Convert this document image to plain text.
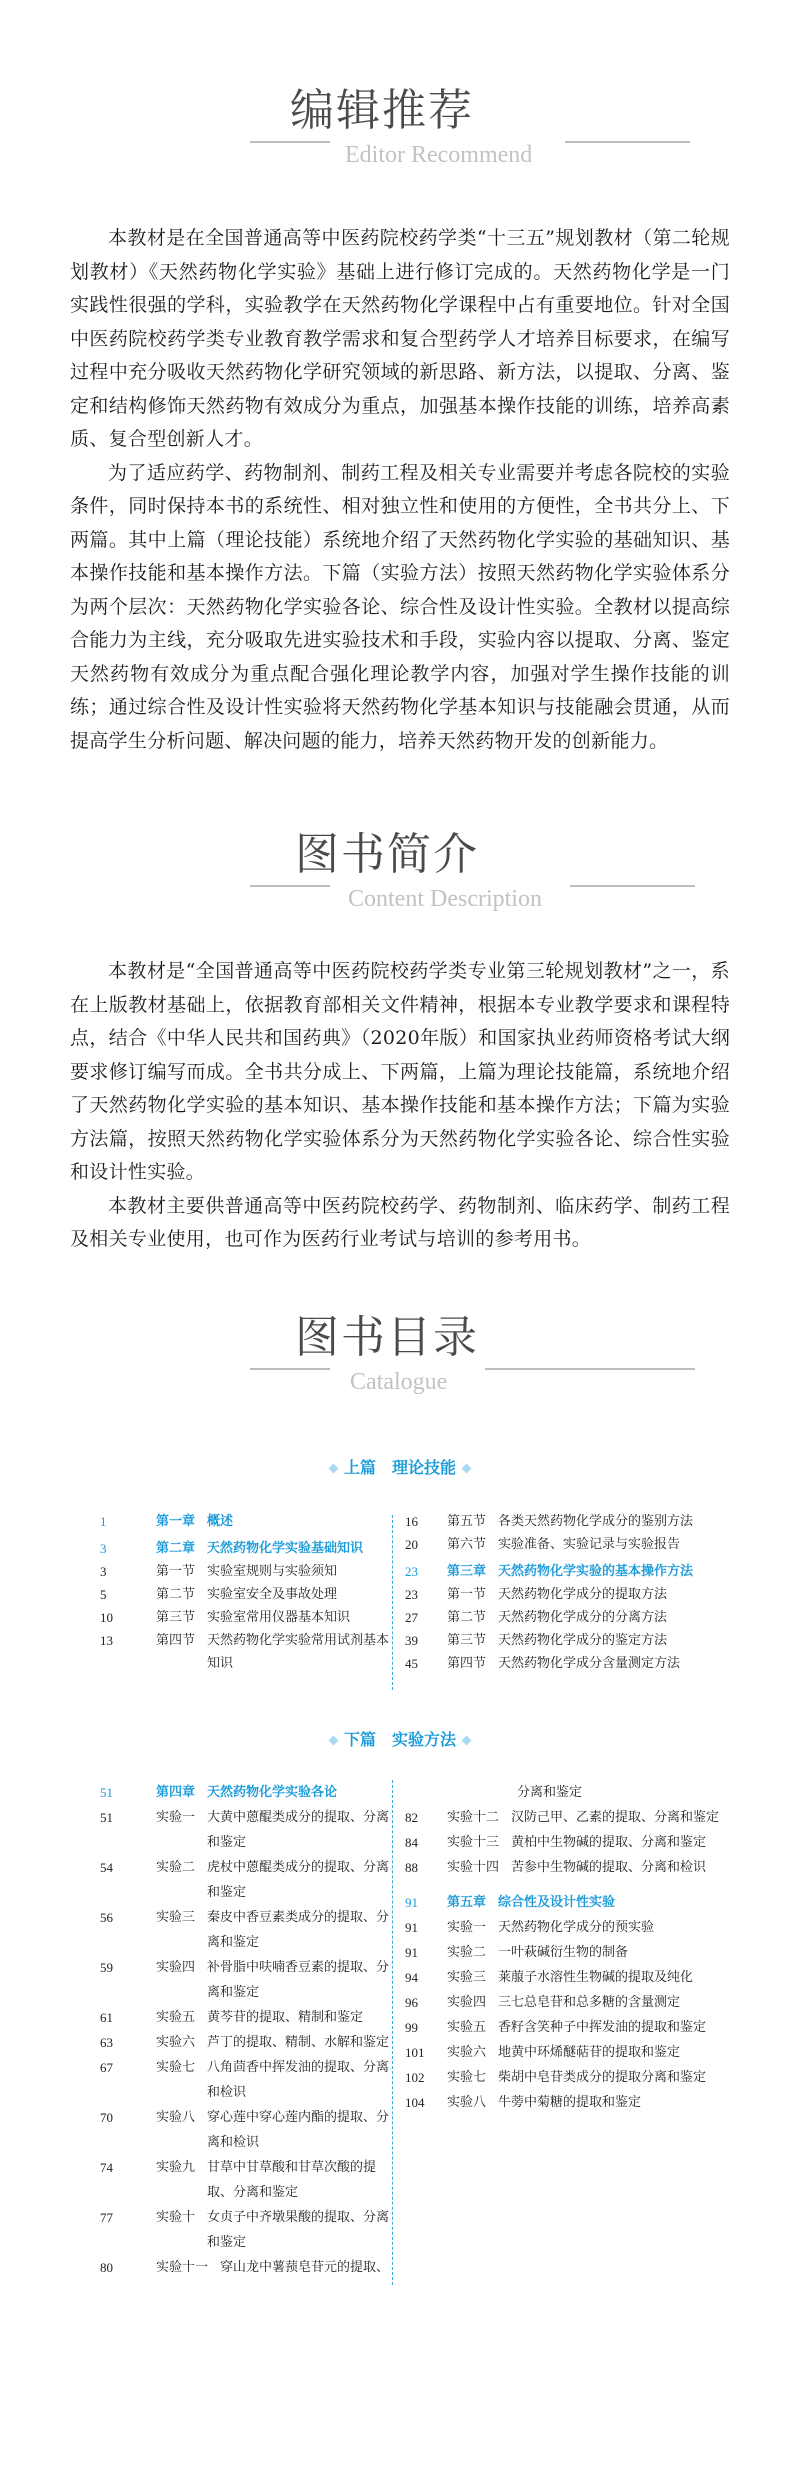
编辑推荐
Editor Recommend

本教材是在全国普通高等中医药院校药学类“十三五”规划教材（第二轮规划教材）《天然药物化学实验》基础上进行修订完成的。天然药物化学是一门实践性很强的学科，实验教学在天然药物化学课程中占有重要地位。针对全国中医药院校药学类专业教育教学需求和复合型药学人才培养目标要求，在编写过程中充分吸收天然药物化学研究领域的新思路、新方法，以提取、分离、鉴定和结构修饰天然药物有效成分为重点，加强基本操作技能的训练，培养高素质、复合型创新人才。

为了适应药学、药物制剂、制药工程及相关专业需要并考虑各院校的实验条件，同时保持本书的系统性、相对独立性和使用的方便性，全书共分上、下两篇。其中上篇（理论技能）系统地介绍了天然药物化学实验的基础知识、基本操作技能和基本操作方法。下篇（实验方法）按照天然药物化学实验体系分为两个层次：天然药物化学实验各论、综合性及设计性实验。全教材以提高综合能力为主线，充分吸取先进实验技术和手段，实验内容以提取、分离、鉴定天然药物有效成分为重点配合强化理论教学内容，加强对学生操作技能的训练；通过综合性及设计性实验将天然药物化学基本知识与技能融会贯通，从而提高学生分析问题、解决问题的能力，培养天然药物开发的创新能力。

图书简介
Content Description

本教材是“全国普通高等中医药院校药学类专业第三轮规划教材”之一，系在上版教材基础上，依据教育部相关文件精神，根据本专业教学要求和课程特点，结合《中华人民共和国药典》（2020年版）和国家执业药师资格考试大纲要求修订编写而成。全书共分成上、下两篇，上篇为理论技能篇，系统地介绍了天然药物化学实验的基本知识、基本操作技能和基本操作方法；下篇为实验方法篇，按照天然药物化学实验体系分为天然药物化学实验各论、综合性实验和设计性实验。

本教材主要供普通高等中医药院校药学、药物制剂、临床药学、制药工程及相关专业使用，也可作为医药行业考试与培训的参考用书。

图书目录
Catalogue
上篇 理论技能
1	第一章 概述
3	第二章 天然药物化学实验基础知识
3	第一节 实验室规则与实验须知
5	第二节 实验室安全及事故处理
10	第三节 实验室常用仪器基本知识
13	第四节 天然药物化学实验常用试剂基本知识
16	第五节 各类天然药物化学成分的鉴别方法
20	第六节 实验准备、实验记录与实验报告
23	第三章 天然药物化学实验的基本操作方法
23	第一节 天然药物化学成分的提取方法
27	第二节 天然药物化学成分的分离方法
39	第三节 天然药物化学成分的鉴定方法
45	第四节 天然药物化学成分含量测定方法
下篇 实验方法
51	第四章 天然药物化学实验各论
51	实验一 大黄中蒽醌类成分的提取、分离和鉴定
54	实验二 虎杖中蒽醌类成分的提取、分离和鉴定
56	实验三 秦皮中香豆素类成分的提取、分离和鉴定
59	实验四 补骨脂中呋喃香豆素的提取、分离和鉴定
61	实验五 黄芩苷的提取、精制和鉴定
63	实验六 芦丁的提取、精制、水解和鉴定
67	实验七 八角茴香中挥发油的提取、分离和检识
70	实验八 穿心莲中穿心莲内酯的提取、分离和检识
74	实验九 甘草中甘草酸和甘草次酸的提取、分离和鉴定
77	实验十 女贞子中齐墩果酸的提取、分离和鉴定
80	实验十一 穿山龙中薯蓣皂苷元的提取、
分离和鉴定
82	实验十二 汉防己甲、乙素的提取、分离和鉴定
84	实验十三 黄柏中生物碱的提取、分离和鉴定
88	实验十四 苦参中生物碱的提取、分离和检识
91	第五章 综合性及设计性实验
91	实验一 天然药物化学成分的预实验
91	实验二 一叶萩碱衍生物的制备
94	实验三 莱菔子水溶性生物碱的提取及纯化
96	实验四 三七总皂苷和总多糖的含量测定
99	实验五 香籽含笑种子中挥发油的提取和鉴定
101	实验六 地黄中环烯醚萜苷的提取和鉴定
102	实验七 柴胡中皂苷类成分的提取分离和鉴定
104	实验八 牛蒡中菊糖的提取和鉴定
